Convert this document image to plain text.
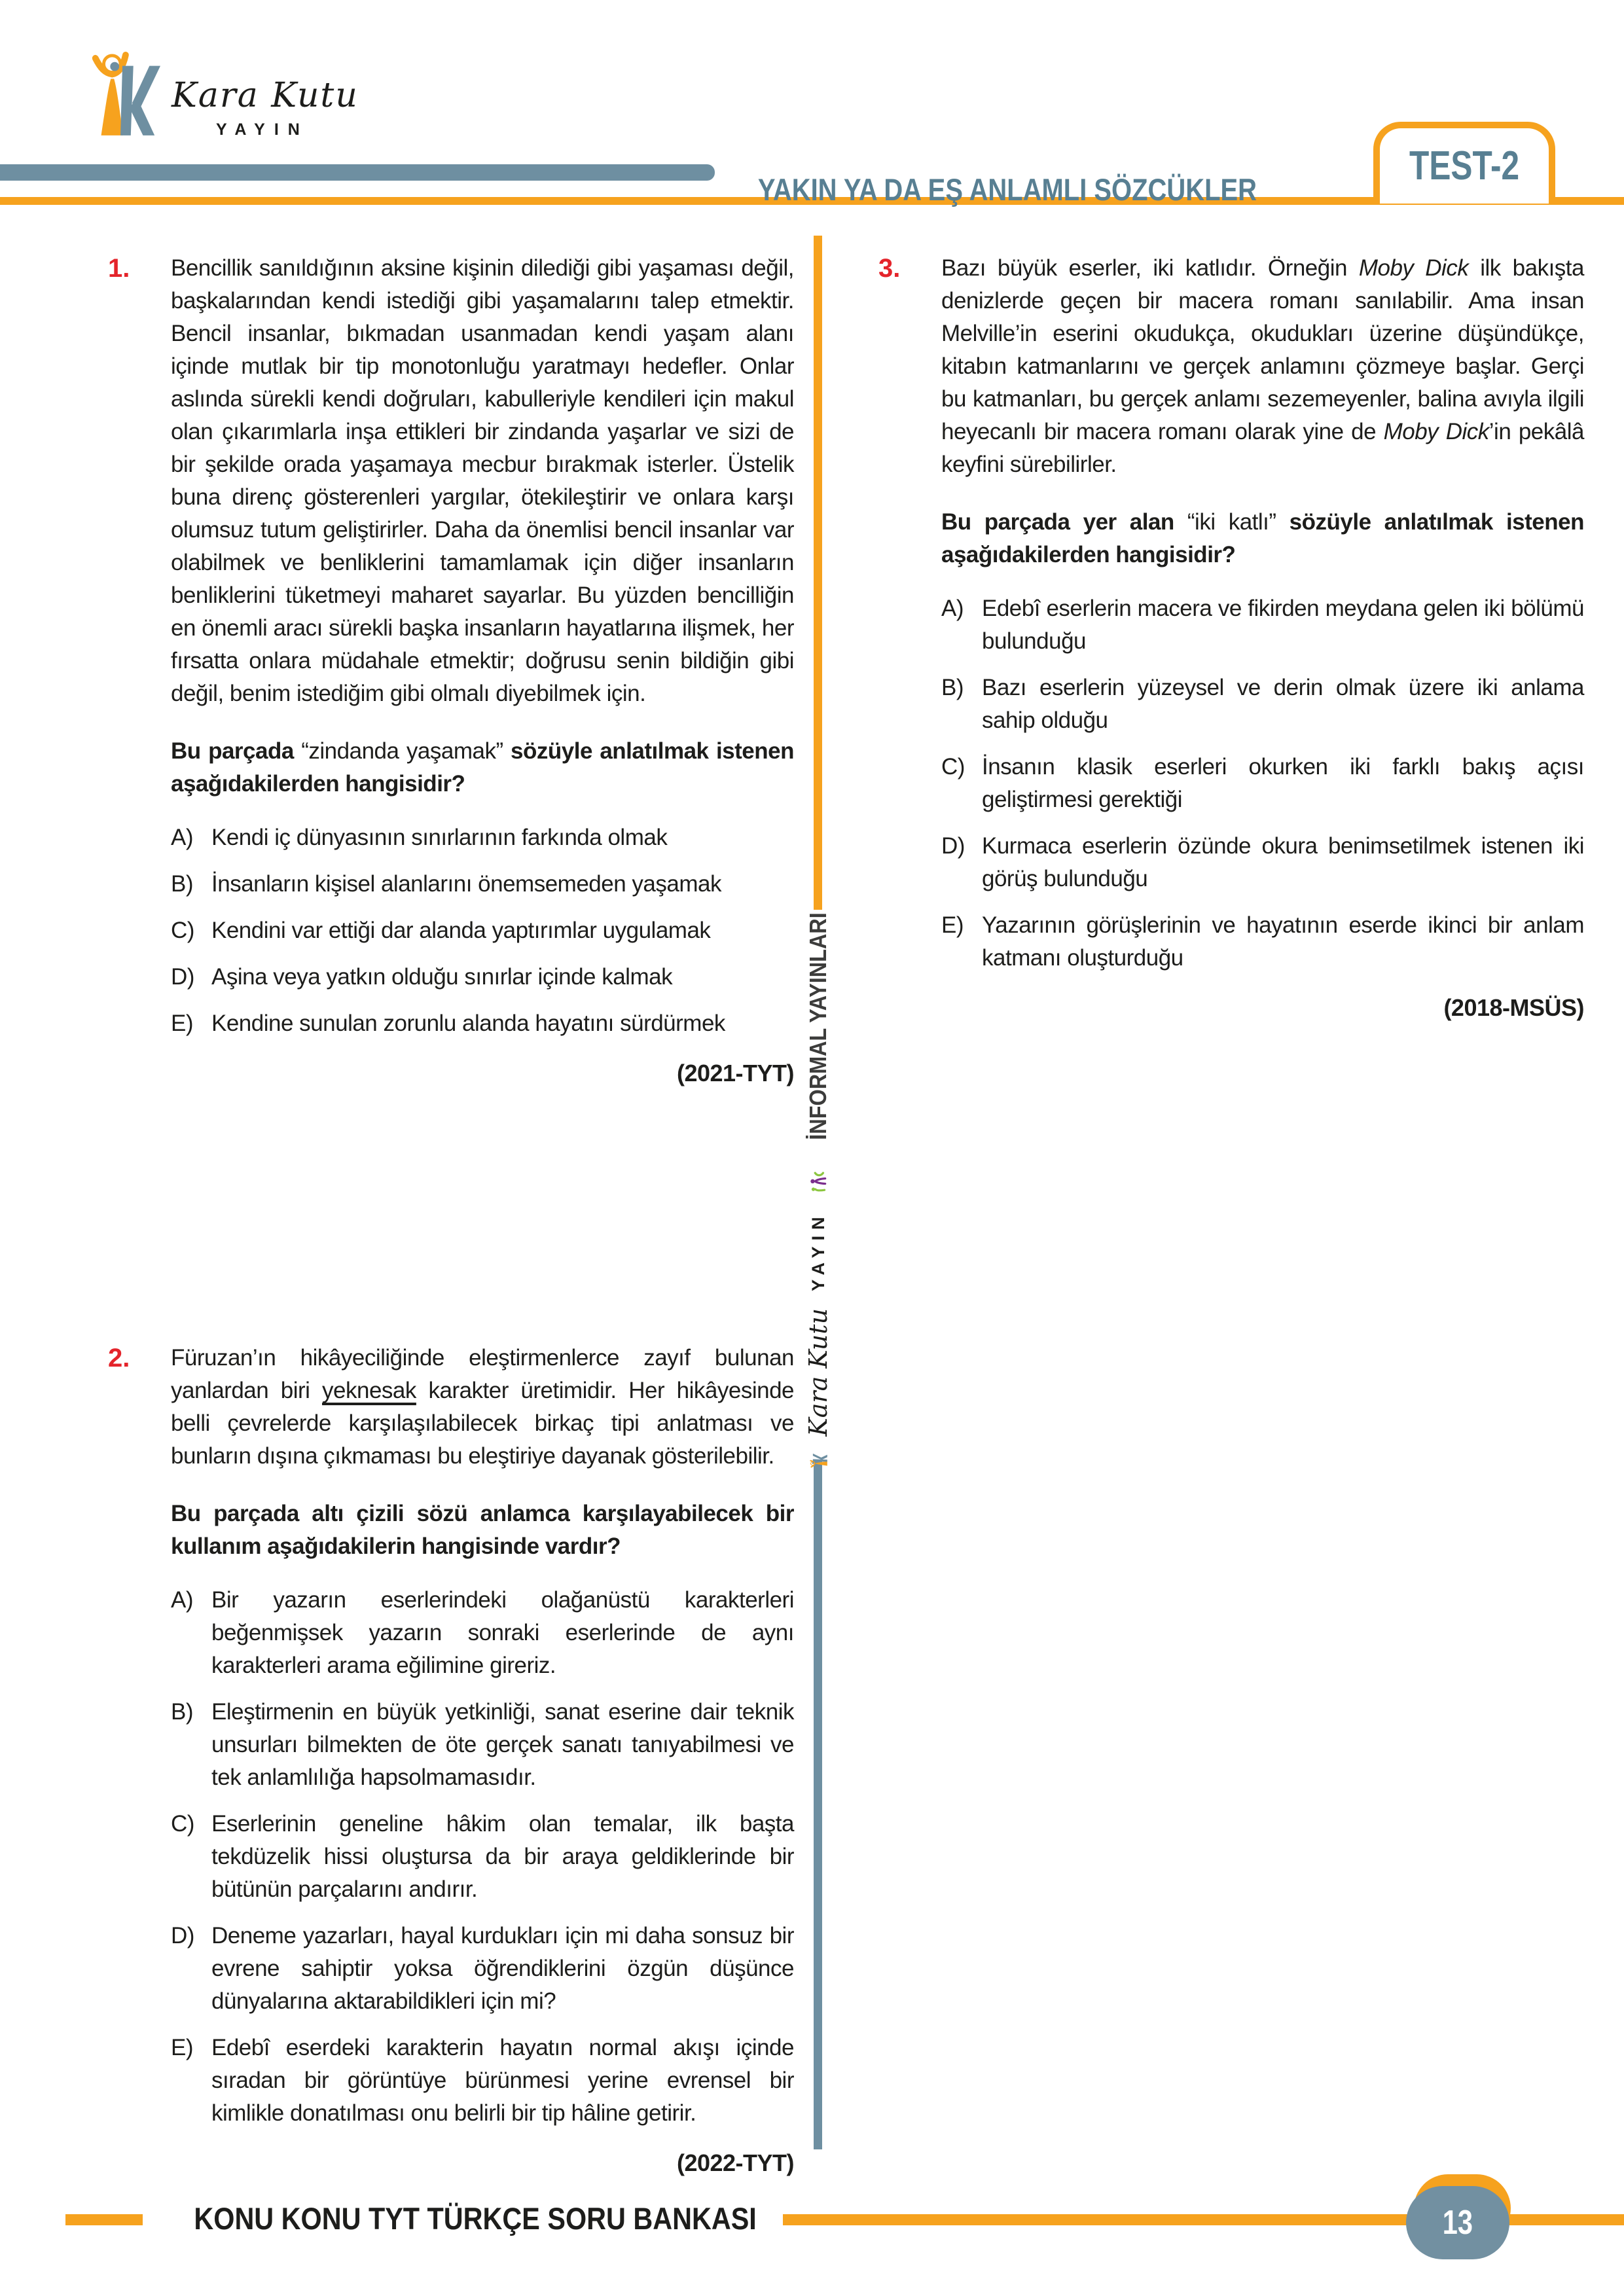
Kara Kutu
YAYIN
YAKIN YA DA EŞ ANLAMLI SÖZCÜKLER
TEST-2
1.	Bencillik sanıldığının aksine kişinin dilediği gibi yaşaması değil, başkalarından kendi istediği gibi yaşamalarını talep etmektir. Bencil insanlar, bıkmadan usanmadan kendi yaşam alanı içinde mutlak bir tip monotonluğu yaratmayı hedefler. Onlar aslında sürekli kendi doğruları, kabulleriyle kendileri için makul olan çıkarımlarla inşa ettikleri bir zindanda yaşarlar ve sizi de bir şekilde orada yaşamaya mecbur bırakmak isterler. Üstelik buna direnç gösterenleri yargılar, ötekileştirir ve onlara karşı olumsuz tutum geliştirirler. Daha da önemlisi bencil insanlar var olabilmek ve benliklerini tamamlamak için diğer insanların benliklerini tüketmeyi maharet sayarlar. Bu yüzden bencilliğin en önemli aracı sürekli başka insanların hayatlarına ilişmek, her fırsatta onlara müdahale etmektir; doğrusu senin bildiğin gibi değil, benim istediğim gibi olmalı diyebilmek için.

Bu parçada “zindanda yaşamak” sözüyle anlatılmak istenen aşağıdakilerden hangisidir?

A) Kendi iç dünyasının sınırlarının farkında olmak
B) İnsanların kişisel alanlarını önemsemeden yaşamak
C) Kendini var ettiği dar alanda yaptırımlar uygulamak
D) Aşina veya yatkın olduğu sınırlar içinde kalmak
E) Kendine sunulan zorunlu alanda hayatını sürdürmek
(2021-TYT)
2.	Füruzan’ın hikâyeciliğinde eleştirmenlerce zayıf bulunan yanlardan biri yeknesak karakter üretimidir. Her hikâyesinde belli çevrelerde karşılaşılabilecek birkaç tipi anlatması ve bunların dışına çıkmaması bu eleştiriye dayanak gösterilebilir.

Bu parçada altı çizili sözü anlamca karşılayabilecek bir kullanım aşağıdakilerin hangisinde vardır?

A) Bir yazarın eserlerindeki olağanüstü karakterleri beğenmişsek yazarın sonraki eserlerinde de aynı karakterleri arama eğilimine gireriz.
B) Eleştirmenin en büyük yetkinliği, sanat eserine dair teknik unsurları bilmekten de öte gerçek sanatı tanıyabilmesi ve tek anlamlılığa hapsolmamasıdır.
C) Eserlerinin geneline hâkim olan temalar, ilk başta tekdüzelik hissi oluştursa da bir araya geldiklerinde bir bütünün parçalarını andırır.
D) Deneme yazarları, hayal kurdukları için mi daha sonsuz bir evrene sahiptir yoksa öğrendiklerini özgün düşünce dünyalarına aktarabildikleri için mi?
E) Edebî eserdeki karakterin hayatın normal akışı içinde sıradan bir görüntüye bürünmesi yerine evrensel bir kimlikle donatılması onu belirli bir tip hâline getirir.
(2022-TYT)
3.	Bazı büyük eserler, iki katlıdır. Örneğin Moby Dick ilk bakışta denizlerde geçen bir macera romanı sanılabilir. Ama insan Melville’in eserini okudukça, okudukları üzerine düşündükçe, kitabın katmanlarını ve gerçek anlamını çözmeye başlar. Gerçi bu katmanları, bu gerçek anlamı sezemeyenler, balina avıyla ilgili heyecanlı bir macera romanı olarak yine de Moby Dick’in pekâlâ keyfini sürebilirler.

Bu parçada yer alan “iki katlı” sözüyle anlatılmak istenen aşağıdakilerden hangisidir?

A) Edebî eserlerin macera ve fikirden meydana gelen iki bölümü bulunduğu
B) Bazı eserlerin yüzeysel ve derin olmak üzere iki anlama sahip olduğu
C) İnsanın klasik eserleri okurken iki farklı bakış açısı geliştirmesi gerektiği
D) Kurmaca eserlerin özünde okura benimsetilmek istenen iki görüş bulunduğu
E) Yazarının görüşlerinin ve hayatının eserde ikinci bir anlam katmanı oluşturduğu
(2018-MSÜS)
Kara Kutu
YAYIN
İNFORMAL YAYINLARI
KONU KONU TYT TÜRKÇE SORU BANKASI	13
